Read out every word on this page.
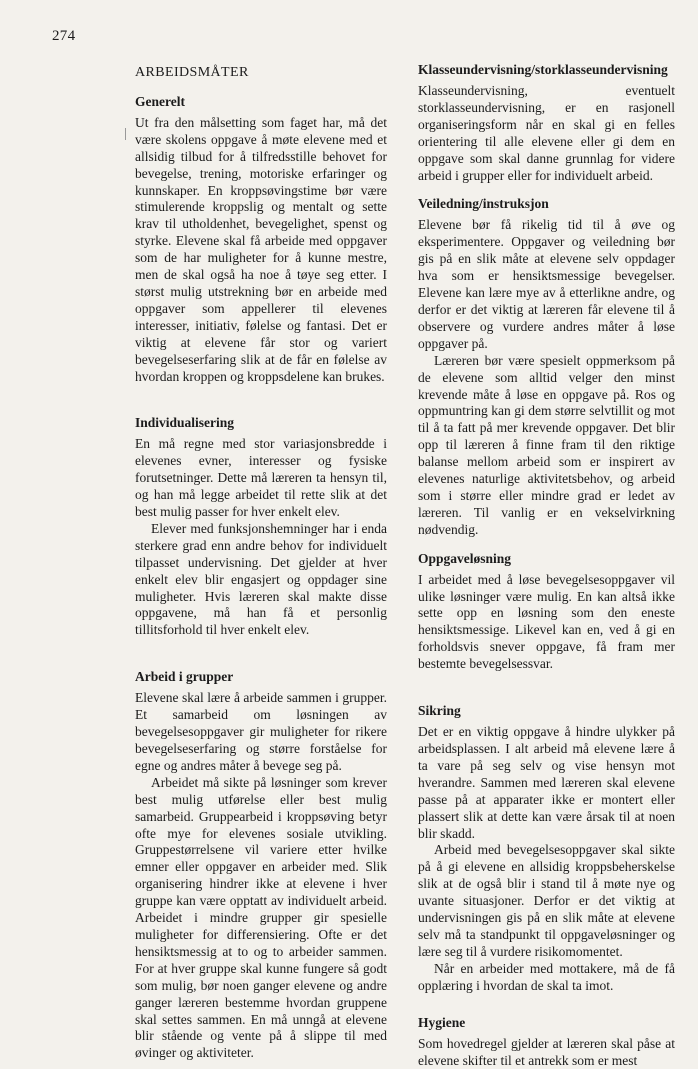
274
ARBEIDSMÅTER
Generelt

Ut fra den målsetting som faget har, må det være skolens oppgave å møte elevene med et allsidig tilbud for å tilfredsstille behovet for bevegelse, trening, motoriske erfaringer og kunnskaper. En kroppsøvingstime bør være stimulerende kroppslig og mentalt og sette krav til utholdenhet, bevegelighet, spenst og styrke. Elevene skal få arbeide med oppgaver som de har muligheter for å kunne mestre, men de skal også ha noe å tøye seg etter. I størst mulig utstrekning bør en arbeide med oppgaver som appellerer til elevenes interesser, initiativ, følelse og fantasi. Det er viktig at elevene får stor og variert bevegelseserfaring slik at de får en følelse av hvordan kroppen og kroppsdelene kan brukes.

Individualisering

En må regne med stor variasjonsbredde i elevenes evner, interesser og fysiske forutsetninger. Dette må læreren ta hensyn til, og han må legge arbeidet til rette slik at det best mulig passer for hver enkelt elev.

Elever med funksjonshemninger har i enda sterkere grad enn andre behov for individuelt tilpasset undervisning. Det gjelder at hver enkelt elev blir engasjert og oppdager sine muligheter. Hvis læreren skal makte disse oppgavene, må han få et personlig tillitsforhold til hver enkelt elev.

Arbeid i grupper

Elevene skal lære å arbeide sammen i grupper. Et samarbeid om løsningen av bevegelsesoppgaver gir muligheter for rikere bevegelseserfaring og større forståelse for egne og andres måter å bevege seg på.

Arbeidet må sikte på løsninger som krever best mulig utførelse eller best mulig samarbeid. Gruppearbeid i kroppsøving betyr ofte mye for elevenes sosiale utvikling. Gruppestørrelsene vil variere etter hvilke emner eller oppgaver en arbeider med. Slik organisering hindrer ikke at elevene i hver gruppe kan være opptatt av individuelt arbeid. Arbeidet i mindre grupper gir spesielle muligheter for differensiering. Ofte er det hensiktsmessig at to og to arbeider sammen. For at hver gruppe skal kunne fungere så godt som mulig, bør noen ganger elevene og andre ganger læreren bestemme hvordan gruppene skal settes sammen. En må unngå at elevene blir stående og vente på å slippe til med øvinger og aktiviteter.

Klasseundervisning/storklasseundervisning

Klasseundervisning, eventuelt storklasseundervisning, er en rasjonell organiseringsform når en skal gi en felles orientering til alle elevene eller gi dem en oppgave som skal danne grunnlag for videre arbeid i grupper eller for individuelt arbeid.

Veiledning/instruksjon

Elevene bør få rikelig tid til å øve og eksperimentere. Oppgaver og veiledning bør gis på en slik måte at elevene selv oppdager hva som er hensiktsmessige bevegelser. Elevene kan lære mye av å etterlikne andre, og derfor er det viktig at læreren får elevene til å observere og vurdere andres måter å løse oppgaver på.

Læreren bør være spesielt oppmerksom på de elevene som alltid velger den minst krevende måte å løse en oppgave på. Ros og oppmuntring kan gi dem større selvtillit og mot til å ta fatt på mer krevende oppgaver. Det blir opp til læreren å finne fram til den riktige balanse mellom arbeid som er inspirert av elevenes naturlige aktivitetsbehov, og arbeid som i større eller mindre grad er ledet av læreren. Til vanlig er en vekselvirkning nødvendig.

Oppgaveløsning

I arbeidet med å løse bevegelsesoppgaver vil ulike løsninger være mulig. En kan altså ikke sette opp en løsning som den eneste hensiktsmessige. Likevel kan en, ved å gi en forholdsvis snever oppgave, få fram mer bestemte bevegelsessvar.

Sikring

Det er en viktig oppgave å hindre ulykker på arbeidsplassen. I alt arbeid må elevene lære å ta vare på seg selv og vise hensyn mot hverandre. Sammen med læreren skal elevene passe på at apparater ikke er montert eller plassert slik at dette kan være årsak til at noen blir skadd.

Arbeid med bevegelsesoppgaver skal sikte på å gi elevene en allsidig kroppsbeherskelse slik at de også blir i stand til å møte nye og uvante situasjoner. Derfor er det viktig at undervisningen gis på en slik måte at elevene selv må ta standpunkt til oppgaveløsninger og lære seg til å vurdere risikomomentet.

Når en arbeider med mottakere, må de få opplæring i hvordan de skal ta imot.

Hygiene

Som hovedregel gjelder at læreren skal påse at elevene skifter til et antrekk som er mest
